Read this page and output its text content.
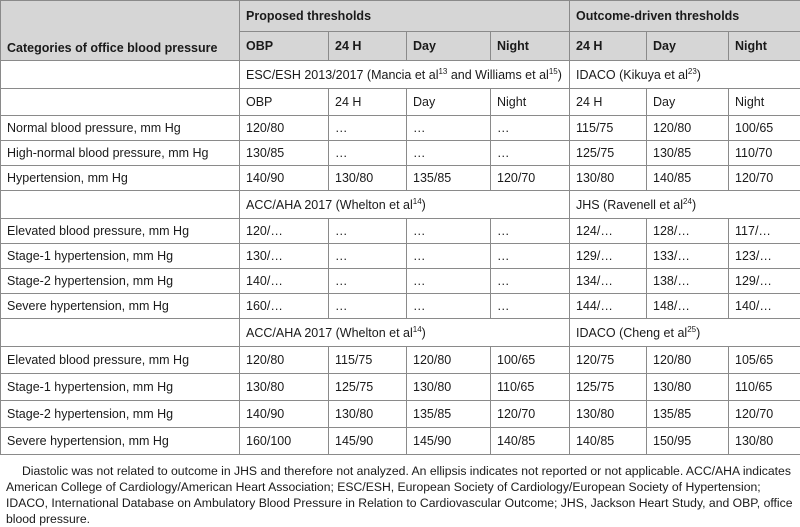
Categories of office blood pressure	Proposed thresholds				Outcome-driven thresholds		
	OBP	24 H	Day	Night	24 H	Day	Night
	ESC/ESH 2013/2017 (Mancia et $al^{13}$ and Williams et $al^{15}$)				IDACO (Kikuya et $al^{23}$)		
	OBP	24 H	Day	Night	24 H	Day	Night
Normal blood pressure, mm Hg	120/80	…	…	…	115/75	120/80	100/65
High-normal blood pressure, mm Hg	130/85	…	…	…	125/75	130/85	110/70
Hypertension, mm Hg	140/90	130/80	135/85	120/70	130/80	140/85	120/70
	ACC/AHA 2017 (Whelton et $al^{14}$)				JHS (Ravenell et $al^{24}$)		
Elevated blood pressure, mm Hg	120/…	…	…	…	124/…	128/…	117/…
Stage-1 hypertension, mm Hg	130/…	…	…	…	129/…	133/…	123/…
Stage-2 hypertension, mm Hg	140/…	…	…	…	134/…	138/…	129/…
Severe hypertension, mm Hg	160/…	…	…	…	144/…	148/…	140/…
	ACC/AHA 2017 (Whelton et $al^{14}$)				IDACO (Cheng et $al^{25}$)		
Elevated blood pressure, mm Hg	120/80	115/75	120/80	100/65	120/75	120/80	105/65
Stage-1 hypertension, mm Hg	130/80	125/75	130/80	110/65	125/75	130/80	110/65
Stage-2 hypertension, mm Hg	140/90	130/80	135/85	120/70	130/80	135/85	120/70
Severe hypertension, mm Hg	160/100	145/90	145/90	140/85	140/85	150/95	130/80

Diastolic was not related to outcome in JHS and therefore not analyzed. An ellipsis indicates not reported or not applicable. ACC/AHA indicates

American College of Cardiology/American Heart Association; ESC/ESH, European Society of Cardiology/European Society of Hypertension;

IDACO, International Database on Ambulatory Blood Pressure in Relation to Cardiovascular Outcome; JHS, Jackson Heart Study, and OBP, office

blood pressure.
